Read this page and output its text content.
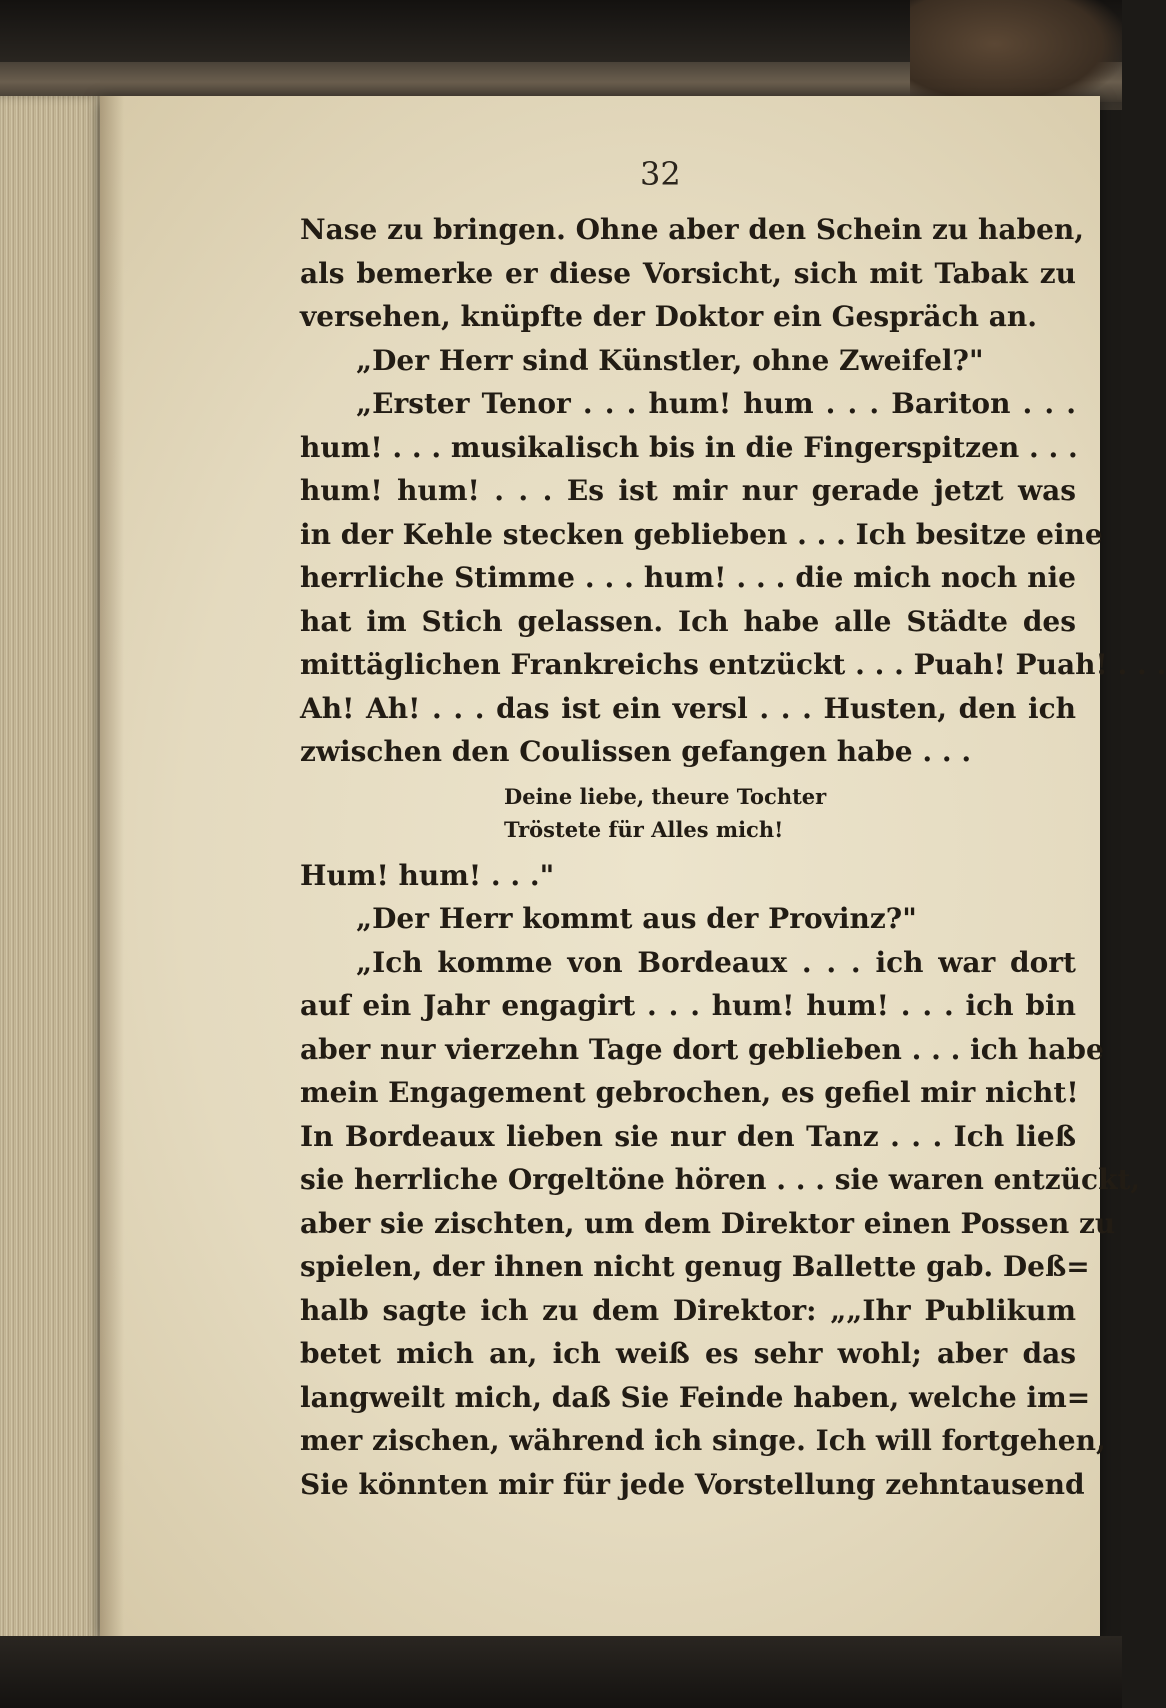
32
Nase zu bringen. Ohne aber den Schein zu haben,
als bemerke er diese Vorsicht, sich mit Tabak zu
versehen, knüpfte der Doktor ein Gespräch an.
„Der Herr sind Künstler, ohne Zweifel?"
„Erster Tenor . . . hum! hum . . . Bariton . . .
hum! . . . musikalisch bis in die Fingerspitzen . . .
hum! hum! . . . Es ist mir nur gerade jetzt was
in der Kehle stecken geblieben . . . Ich besitze eine
herrliche Stimme . . . hum! . . . die mich noch nie
hat im Stich gelassen. Ich habe alle Städte des
mittäglichen Frankreichs entzückt . . . Puah! Puah! . . .
Ah! Ah! . . . das ist ein versl . . . Husten, den ich
zwischen den Coulissen gefangen habe . . .
Deine liebe, theure Tochter
Tröstete für Alles mich!
Hum! hum! . . ."
„Der Herr kommt aus der Provinz?"
„Ich komme von Bordeaux . . . ich war dort
auf ein Jahr engagirt . . . hum! hum! . . . ich bin
aber nur vierzehn Tage dort geblieben . . . ich habe
mein Engagement gebrochen, es gefiel mir nicht!
In Bordeaux lieben sie nur den Tanz . . . Ich ließ
sie herrliche Orgeltöne hören . . . sie waren entzückt,
aber sie zischten, um dem Direktor einen Possen zu
spielen, der ihnen nicht genug Ballette gab. Deß=
halb sagte ich zu dem Direktor: „„Ihr Publikum
betet mich an, ich weiß es sehr wohl; aber das
langweilt mich, daß Sie Feinde haben, welche im=
mer zischen, während ich singe. Ich will fortgehen,
Sie könnten mir für jede Vorstellung zehntausend
